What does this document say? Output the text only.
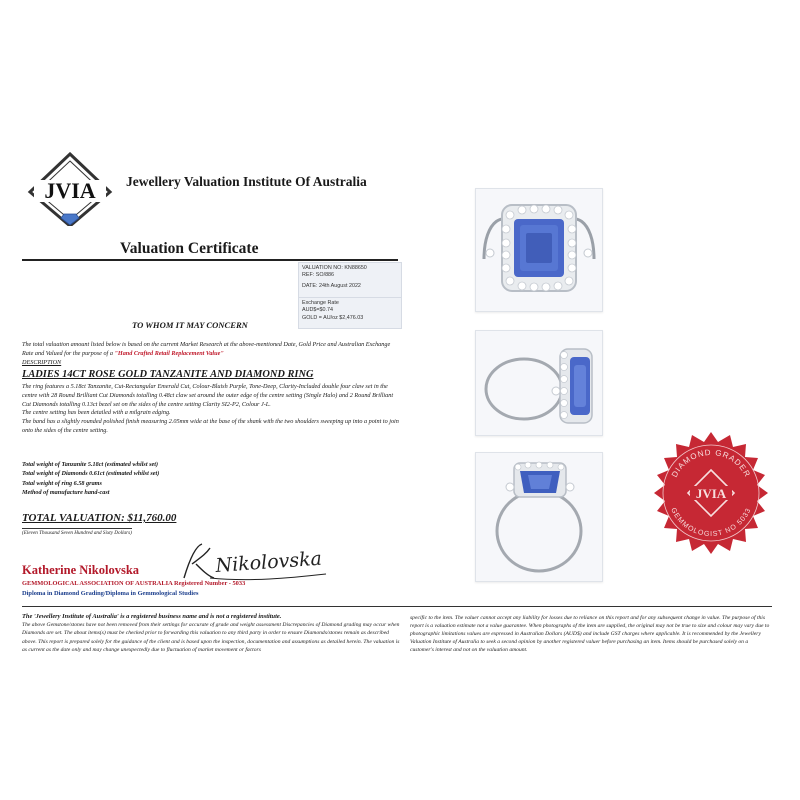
JVIA Jewellery Valuation Institute Of Australia
Valuation Certificate
VALUATION NO: KN88650
REF: SO/886
DATE: 24th August 2022
Exchange Rate
AUD$=$0.74
GOLD = AU/oz $2,476.03
TO WHOM IT MAY CONCERN
The total valuation amount listed below is based on the current Market Research at the above-mentioned Date, Gold Price and Australian Exchange Rate and Valued for the purpose of a "Hand Crafted Retail Replacement Value"
DESCRIPTION
LADIES 14CT ROSE GOLD TANZANITE AND DIAMOND RING
The ring features a 5.18ct Tanzanite, Cut-Rectangular Emerald Cut, Colour-Bluish Purple, Tone-Deep, Clarity-Included double four claw set in the centre with 28 Round Brilliant Cut Diamonds totalling 0.48ct claw set around the outer edge of the centre setting (Single Halo) and 2 Round Brilliant Cut Diamonds totalling 0.13ct bezel set on the sides of the centre setting Clarity SI2-P2, Colour J-L.
The centre setting has been detailed with a milgrain edging.
The band has a slightly rounded polished finish measuring 2.05mm wide at the base of the shank with the two shoulders sweeping up into a point to join onto the sides of the centre setting.
Total weight of Tanzanite 5.18ct (estimated whilst set)
Total weight of Diamonds 0.61ct (estimated whilst set)
Total weight of ring 6.58 grams
Method of manufacture hand-cast
TOTAL VALUATION: $11,760.00
(Eleven Thousand Seven Hundred and Sixty Dollars)
Katherine Nikolovska	Nikolovska
GEMMOLOGICAL ASSOCIATION OF AUSTRALIA Registered Number - 5033
Diploma in Diamond Grading/Diploma in Gemmological Studies
The 'Jewellery Institute of Australia' is a registered business name and is not a registered institute.
The above Gemstone/stones have not been removed from their settings for accurate of grade and weight assessment Discrepancies of Diamond grading may occur when Diamonds are set. The about items(s) must be checked prior to forwarding this valuation to any third party in order to ensure Diamonds/stones remain as described above. This report is prepared solely for the guidance of the client and is based upon the inspection, documentation and assumptions as detailed herein. The valuation is as current as the date only and may change unexpectedly due to fluctuation of market movement or factors
specific to the item. The valuer cannot accept any liability for losses due to reliance on this report and for any subsequent change in value. The purpose of this report is a valuation estimate not a value guarantee. When photographs of the item are supplied, the original may not be true to size and colour may vary due to photographic limitations values are expressed in Australian Dollars (AUD$) and include GST charges where applicable. It is recommended by the Jewellery Valuation Institute of Australia to seek a second opinion by another registered valuer before purchasing an item. Items should be purchased solely on a customer's interest and not on the valuation amount.
DIAMOND GRADER
GEMMOLOGIST NO 5033
JVIA
